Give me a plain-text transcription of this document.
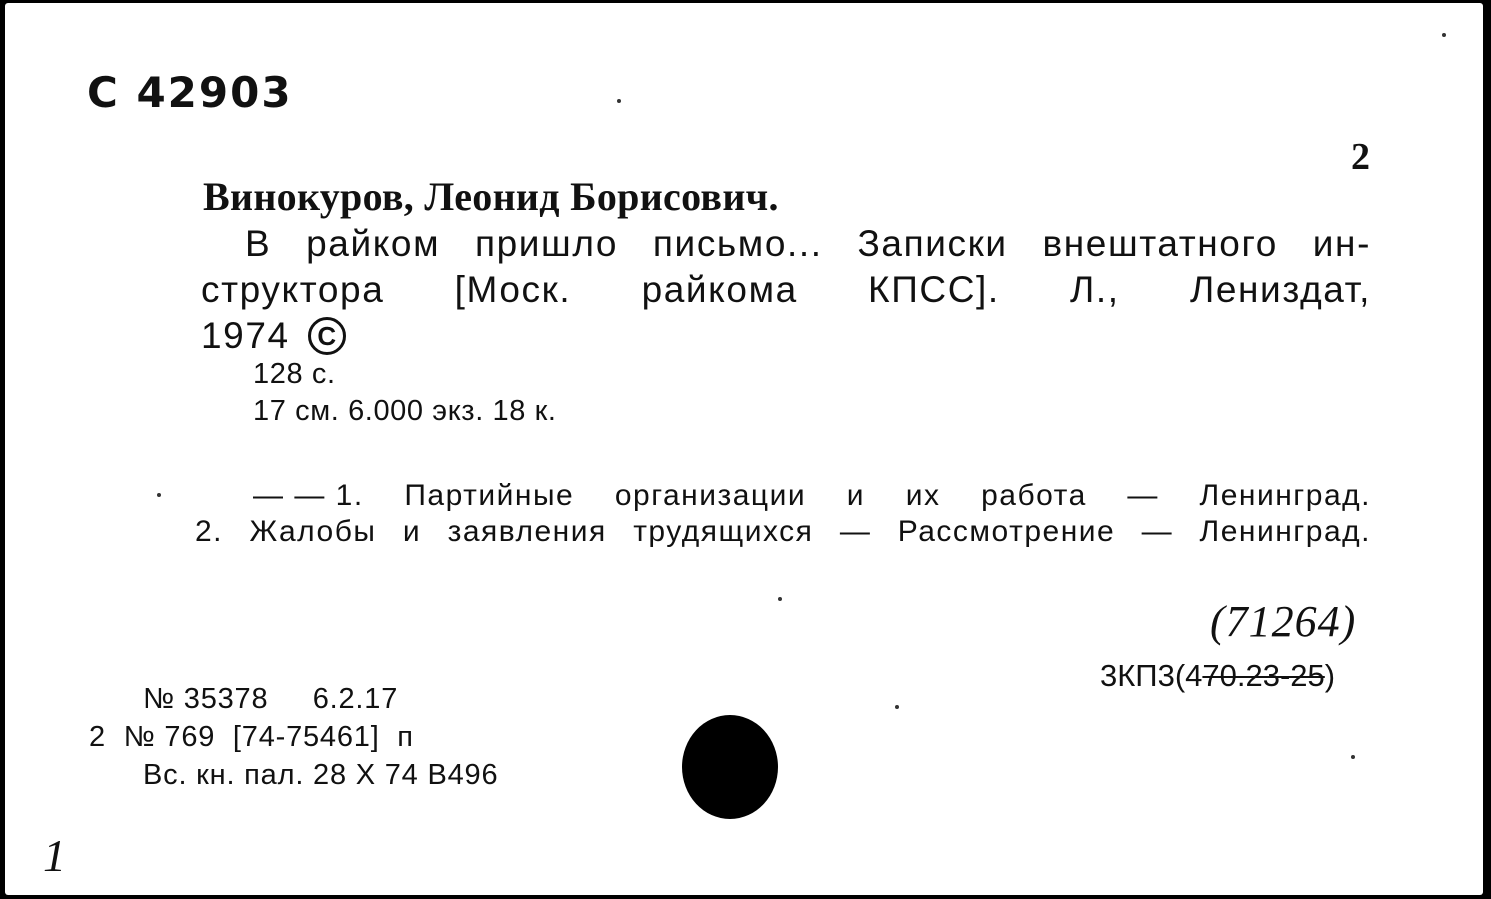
С 42903
2
Винокуров, Леонид Борисович.
В райком пришло письмо... Записки внештатного ин-
структора [Моск. райкома КПСС]. Л., Лениздат,
1974	C
128 с.
17 см. 6.000 экз. 18 к.
— — 1. Партийные организации и их работа — Ленинград.
2. Жалобы и заявления трудящихся — Рассмотрение — Ленинград.
(71264)
3КП3(470.23-25)
№ 35378     6.2.17
2  № 769  [74-75461]  п
Вс. кн. пал. 28 X 74 В496
1
